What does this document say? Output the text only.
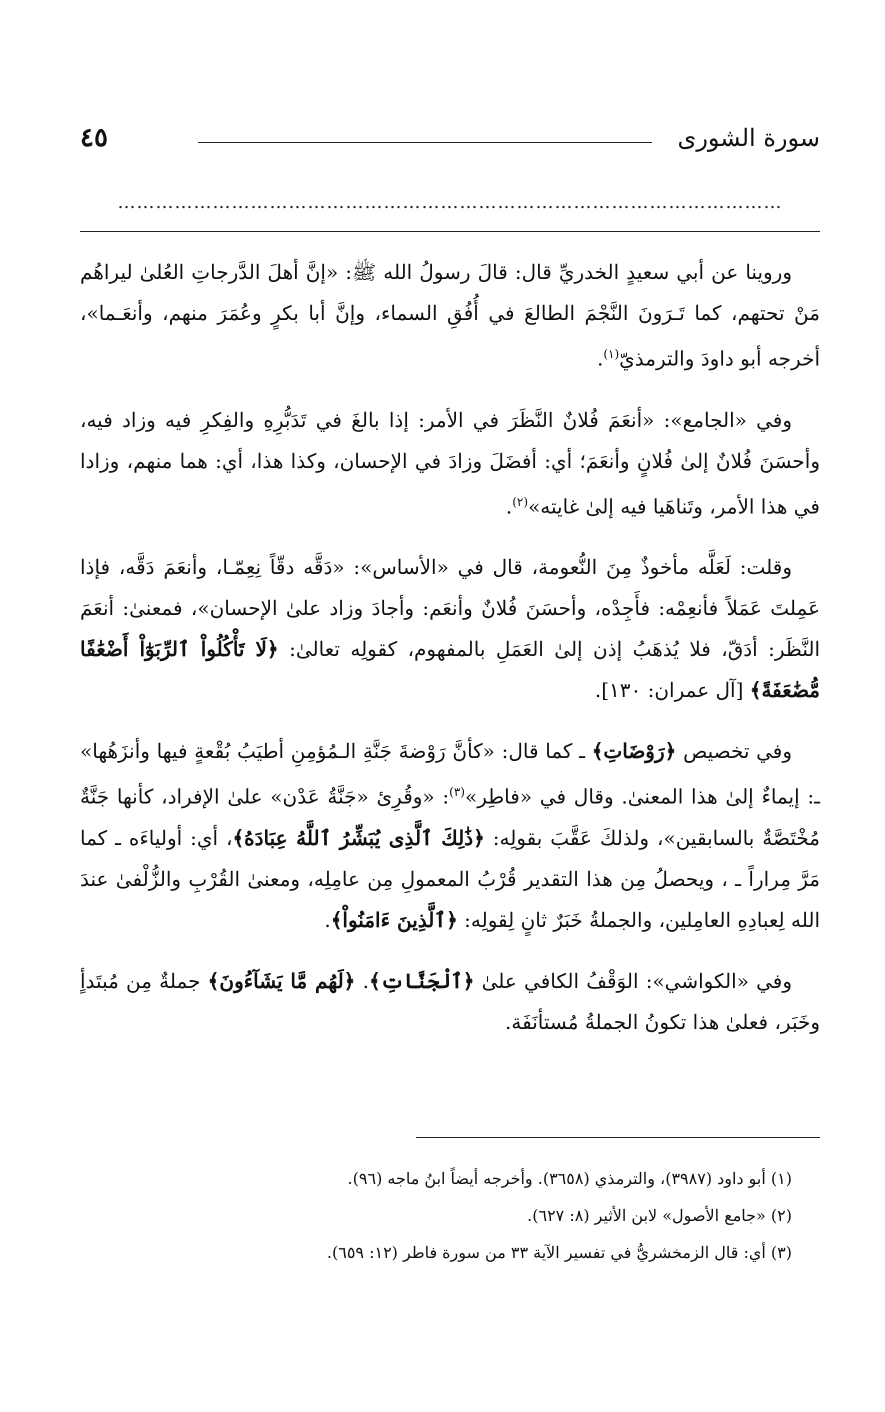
سورة الشورى
٤٥
……………………………………………………………………………………………

وروينا عن أبي سعيدٍ الخدريِّ قال: قالَ رسولُ الله ﷺ: «إنَّ أهلَ الدَّرجاتِ العُلىٰ ليراهُم مَنْ تحتهم، كما تَـرَونَ النَّجْمَ الطالعَ في أُفُقِ السماء، وإنَّ أبا بكرٍ وعُمَرَ منهم، وأنعَـما»، أخرجه أبو داودَ والترمذيّ$^{(١)}$.

وفي «الجامع»: «أنعَمَ فُلانٌ النَّظَرَ في الأمر: إذا بالغَ في تَدَبُّرِهِ والفِكرِ فيه وزاد فيه، وأحسَنَ فُلانٌ إلىٰ فُلانٍ وأنعَمَ؛ أي: أفضَلَ وزادَ في الإحسان، وكذا هذا، أي: هما منهم، وزادا في هذا الأمر، وتَناهَيا فيه إلىٰ غايته»$^{(٢)}$.

وقلت: لَعَلَّه مأخوذٌ مِنَ النُّعومة، قال في «الأساس»: «دَقَّه دقّاً نِعِمّـا، وأنعَمَ دَقَّه، فإذا عَمِلتَ عَمَلاً فأنعِمْه: فأَجِدْه، وأحسَنَ فُلانٌ وأنعَم: وأجادَ وزاد علىٰ الإحسان»، فمعنىٰ: أنعَمَ النَّظَر: أدَقّ، فلا يُذهَبُ إذن إلىٰ العَمَلِ بالمفهوم، كقولِه تعالىٰ: ﴿لَا تَأْكُلُواْ ٱلرِّبَوٰٓاْ أَضْعَٰفًا مُّضَٰعَفَةً﴾ [آل عمران: ١٣٠].

وفي تخصيص ﴿رَوْضَاتِ﴾ ـ كما قال: «كأنَّ رَوْضةَ جَنَّةِ الـمُؤمِنِ أطيَبُ بُقْعةٍ فيها وأنزَهُها» ـ: إيماءٌ إلىٰ هذا المعنىٰ. وقال في «فاطِر»$^{(٣)}$: «وقُرِئ «جَنَّةُ عَدْن» علىٰ الإفراد، كأنها جَنَّةٌ مُخْتَصَّةٌ بالسابقين»، ولذلكَ عَقَّبَ بقولِه: ﴿ذَٰلِكَ ٱلَّذِى يُبَشِّرُ ٱللَّهُ عِبَادَهُ﴾، أي: أولياءَه ـ كما مَرَّ مِراراً ـ ، ويحصلُ مِن هذا التقدير قُرْبُ المعمولِ مِن عامِلِه، ومعنىٰ القُرْبِ والزُّلْفىٰ عندَ الله لِعبادِهِ العامِلين، والجملةُ خَبَرٌ ثانٍ لِقولِه: ﴿ٱلَّذِينَ ءَامَنُواْ﴾.

وفي «الكواشي»: الوَقْفُ الكافي علىٰ ﴿ٱلْجَنَّاتِ﴾. ﴿لَهُم مَّا يَشَآءُونَ﴾ جملةٌ مِن مُبتَدأٍ وخَبَر، فعلىٰ هذا تكونُ الجملةُ مُستأنَفَة.

(١) أبو داود (٣٩٨٧)، والترمذي (٣٦٥٨). وأخرجه أيضاً ابنُ ماجه (٩٦).

(٢) «جامع الأصول» لابن الأثير (٨: ٦٢٧).

(٣) أي: قال الزمخشريُّ في تفسير الآية ٣٣ من سورة فاطر (١٢: ٦٥٩).
